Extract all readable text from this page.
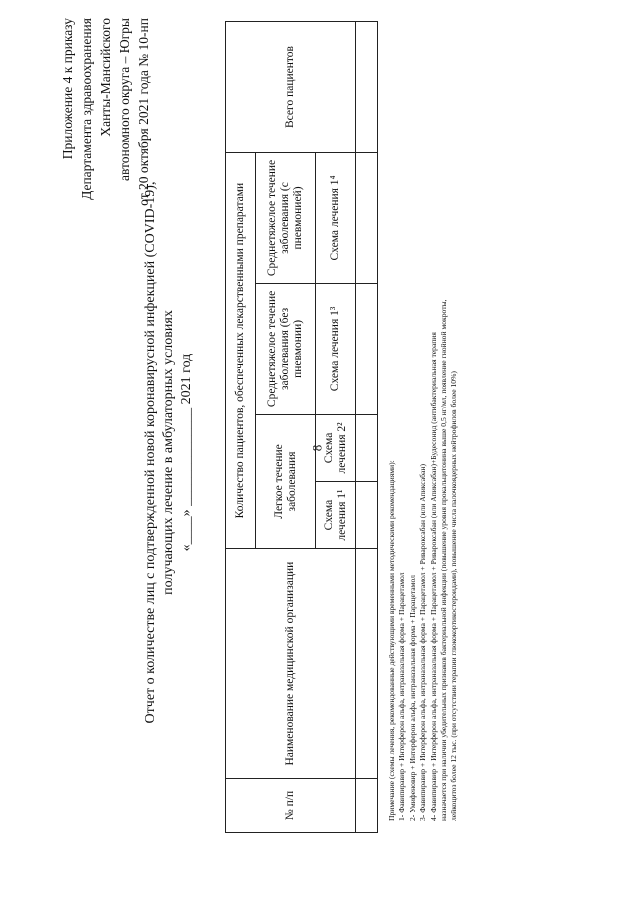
8
Приложение 4 к приказу Департамента здравоохранения Ханты-Мансийского автономного округа – Югры от 20 октября 2021 года № 10-нп
Отчет о количестве лиц с подтвержденной новой коронавирусной инфекцией (COVID-19), получающих лечение в амбулаторных условиях «____» ______________ 2021 год
№ п/п	Наименование медицинской организации	Количество пациентов, обеспеченных лекарственными препаратами				Всего пациентов
		Легкое течение заболевания		Среднетяжелое течение заболевания (без пневмонии)	Среднетяжелое течение заболевания (с пневмонией)	
		Схема лечения 1¹	Схема лечения 2²	Схема лечения 1³	Схема лечения 1⁴	

Примечание (схемы лечения, рекомендованные действующими временными методическими рекомендациями): 1- Фавипиравир + Интерферон альфа, интраназальная форма + Парацетамол 2- Умифеновир + Интерферон альфа, интраназальная форма + Парацетамол 3- Фавипиравир + Интерферон альфа, интраназальная форма + Парацетамол + Ривароксабан (или Апиксабан) 4- Фавипиравир + Интерферон альфа, интраназальная форма + Парацетамол + Ривароксабан (или Апиксабан)+Будесонид (антибактериальная терапия назначается при наличии убедительных признаков бактериальной инфекции (повышение уровня прокальцитонина выше 0,5 нг/мл, появление гнойной мокроты, лейкоцитоз более 12 тыс. (при отсутствии терапии глюкокортикостероидами), повышение числа палочкоядерных нейтрофилов более 10%)
